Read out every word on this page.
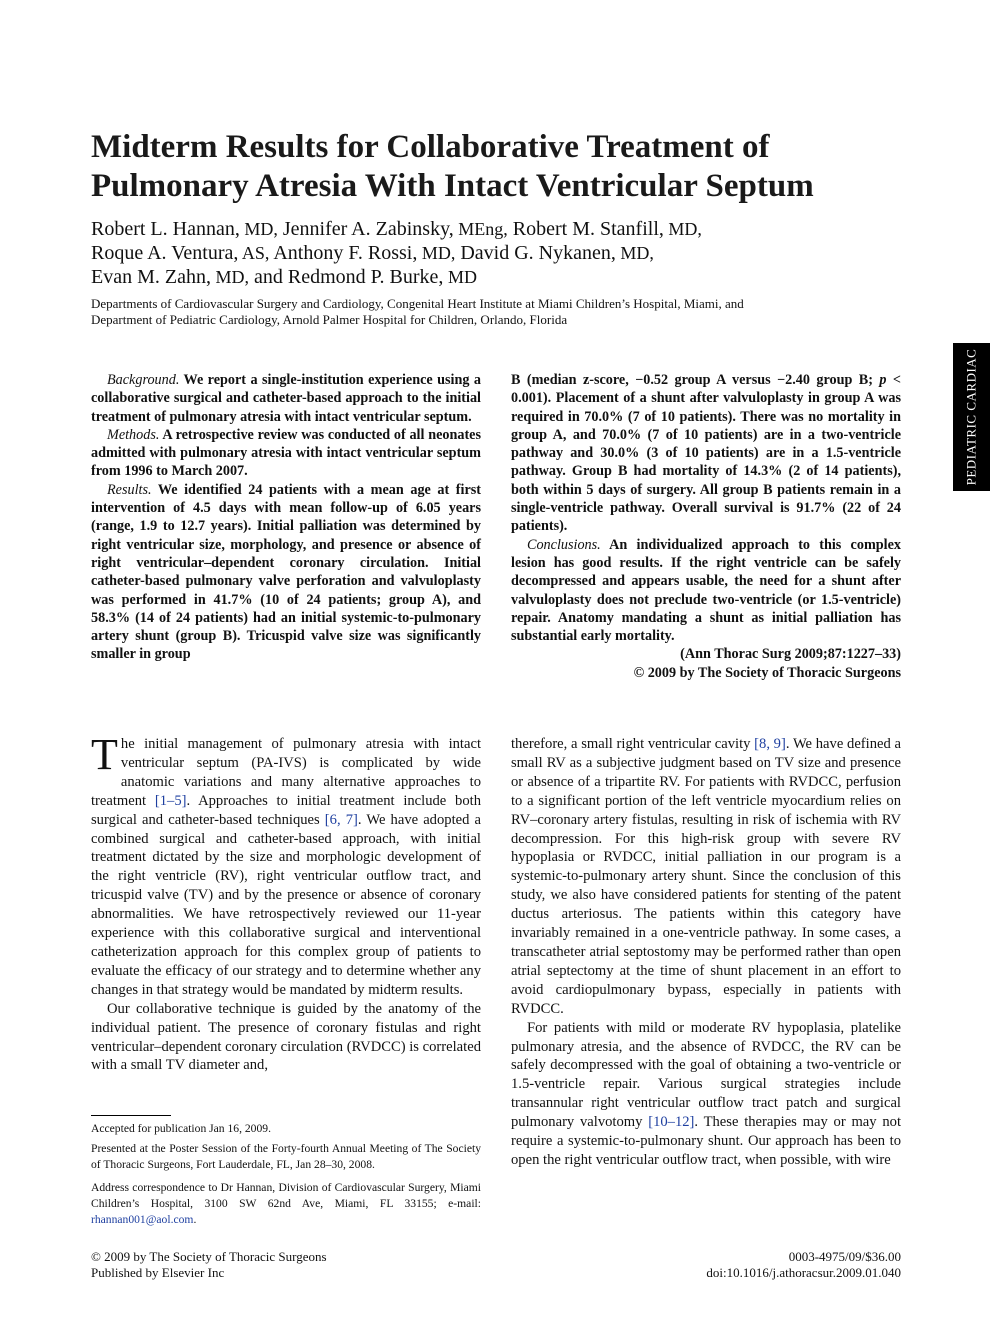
Midterm Results for Collaborative Treatment of
Pulmonary Atresia With Intact Ventricular Septum
Robert L. Hannan, MD, Jennifer A. Zabinsky, MEng, Robert M. Stanfill, MD,
Roque A. Ventura, AS, Anthony F. Rossi, MD, David G. Nykanen, MD,
Evan M. Zahn, MD, and Redmond P. Burke, MD
Departments of Cardiovascular Surgery and Cardiology, Congenital Heart Institute at Miami Children’s Hospital, Miami, and
Department of Pediatric Cardiology, Arnold Palmer Hospital for Children, Orlando, Florida
PEDIATRIC CARDIAC

Background. We report a single-institution experience using a collaborative surgical and catheter-based approach to the initial treatment of pulmonary atresia with intact ventricular septum.

Methods. A retrospective review was conducted of all neonates admitted with pulmonary atresia with intact ventricular septum from 1996 to March 2007.

Results. We identified 24 patients with a mean age at first intervention of 4.5 days with mean follow-up of 6.05 years (range, 1.9 to 12.7 years). Initial palliation was determined by right ventricular size, morphology, and presence or absence of right ventricular–dependent coronary circulation. Initial catheter-based pulmonary valve perforation and valvuloplasty was performed in 41.7% (10 of 24 patients; group A), and 58.3% (14 of 24 patients) had an initial systemic-to-pulmonary artery shunt (group B). Tricuspid valve size was significantly smaller in group

B (median z-score, −0.52 group A versus −2.40 group B; p < 0.001). Placement of a shunt after valvuloplasty in group A was required in 70.0% (7 of 10 patients). There was no mortality in group A, and 70.0% (7 of 10 patients) are in a two-ventricle pathway and 30.0% (3 of 10 patients) are in a 1.5-ventricle pathway. Group B had mortality of 14.3% (2 of 14 patients), both within 5 days of surgery. All group B patients remain in a single-ventricle pathway. Overall survival is 91.7% (22 of 24 patients).

Conclusions. An individualized approach to this complex lesion has good results. If the right ventricle can be safely decompressed and appears usable, the need for a shunt after valvuloplasty does not preclude two-ventricle (or 1.5-ventricle) repair. Anatomy mandating a shunt as initial palliation has substantial early mortality.

(Ann Thorac Surg 2009;87:1227–33)

© 2009 by The Society of Thoracic Surgeons

The initial management of pulmonary atresia with intact ventricular septum (PA-IVS) is complicated by wide anatomic variations and many alternative approaches to treatment [1–5]. Approaches to initial treatment include both surgical and catheter-based techniques [6, 7]. We have adopted a combined surgical and catheter-based approach, with initial treatment dictated by the size and morphologic development of the right ventricle (RV), right ventricular outflow tract, and tricuspid valve (TV) and by the presence or absence of coronary abnormalities. We have retrospectively reviewed our 11-year experience with this collaborative surgical and interventional catheterization approach for this complex group of patients to evaluate the efficacy of our strategy and to determine whether any changes in that strategy would be mandated by midterm results.

Our collaborative technique is guided by the anatomy of the individual patient. The presence of coronary fistulas and right ventricular–dependent coronary circulation (RVDCC) is correlated with a small TV diameter and,

Accepted for publication Jan 16, 2009.

Presented at the Poster Session of the Forty-fourth Annual Meeting of The Society of Thoracic Surgeons, Fort Lauderdale, FL, Jan 28–30, 2008.

Address correspondence to Dr Hannan, Division of Cardiovascular Surgery, Miami Children’s Hospital, 3100 SW 62nd Ave, Miami, FL 33155; e-mail: rhannan001@aol.com.

therefore, a small right ventricular cavity [8, 9]. We have defined a small RV as a subjective judgment based on TV size and presence or absence of a tripartite RV. For patients with RVDCC, perfusion to a significant portion of the left ventricle myocardium relies on RV–coronary artery fistulas, resulting in risk of ischemia with RV decompression. For this high-risk group with severe RV hypoplasia or RVDCC, initial palliation in our program is a systemic-to-pulmonary artery shunt. Since the conclusion of this study, we also have considered patients for stenting of the patent ductus arteriosus. The patients within this category have invariably remained in a one-ventricle pathway. In some cases, a transcatheter atrial septostomy may be performed rather than open atrial septectomy at the time of shunt placement in an effort to avoid cardiopulmonary bypass, especially in patients with RVDCC.

For patients with mild or moderate RV hypoplasia, platelike pulmonary atresia, and the absence of RVDCC, the RV can be safely decompressed with the goal of obtaining a two-ventricle or 1.5-ventricle repair. Various surgical strategies include transannular right ventricular outflow tract patch and surgical pulmonary valvotomy [10–12]. These therapies may or may not require a systemic-to-pulmonary shunt. Our approach has been to open the right ventricular outflow tract, when possible, with wire

© 2009 by The Society of Thoracic Surgeons
Published by Elsevier Inc
0003-4975/09/$36.00
doi:10.1016/j.athoracsur.2009.01.040
